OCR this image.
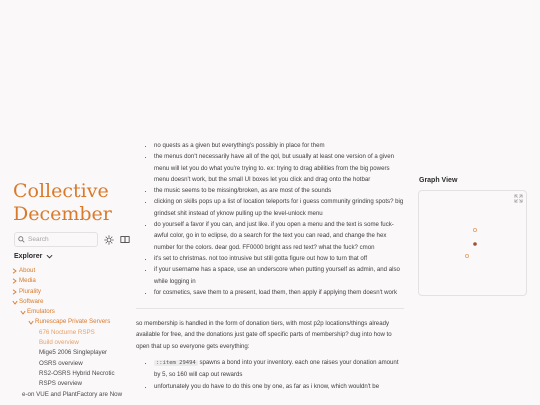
Collective December
Search
Explorer
About
Media
Plurality
Software
Emulators
Runescape Private Servers
676 Nocturne RSPS
Build overview
Mige5 2006 Singleplayer
OSRS overview
RS2-OSRS Hybrid Necrotic
RSPS overview
e-on VUE and PlantFactory are Now
• no quests as a given but everything's possibly in place for them
• the menus don't necessarily have all of the qol, but usually at least one version of a given menu will let you do what you're trying to. ex: trying to drag abilities from the big powers menu doesn't work, but the small UI boxes let you click and drag onto the hotbar
• the music seems to be missing/broken, as are most of the sounds
• clicking on skills pops up a list of location teleports for i guess community grinding spots? big grindset shit instead of yknow pulling up the level-unlock menu
• do yourself a favor if you can, and just like. if you open a menu and the text is some fuck-awful color, go in to eclipse, do a search for the text you can read, and change the hex number for the colors. dear god. FF0000 bright ass red text? what the fuck? cmon
• it's set to christmas. not too intrusive but still gotta figure out how to turn that off
• if your username has a space, use an underscore when putting yourself as admin, and also while logging in
• for cosmetics, save them to a present, load them, then apply if applying them doesn't work

so membership is handled in the form of donation tiers, with most p2p locations/things already available for free, and the donations just gate off specific parts of membership? dug into how to open that up so everyone gets everything:

• ::item 29494 spawns a bond into your inventory. each one raises your donation amount by 5, so 160 will cap out rewards
• unfortunately you do have to do this one by one, as far as i know, which wouldn't be
Graph View
